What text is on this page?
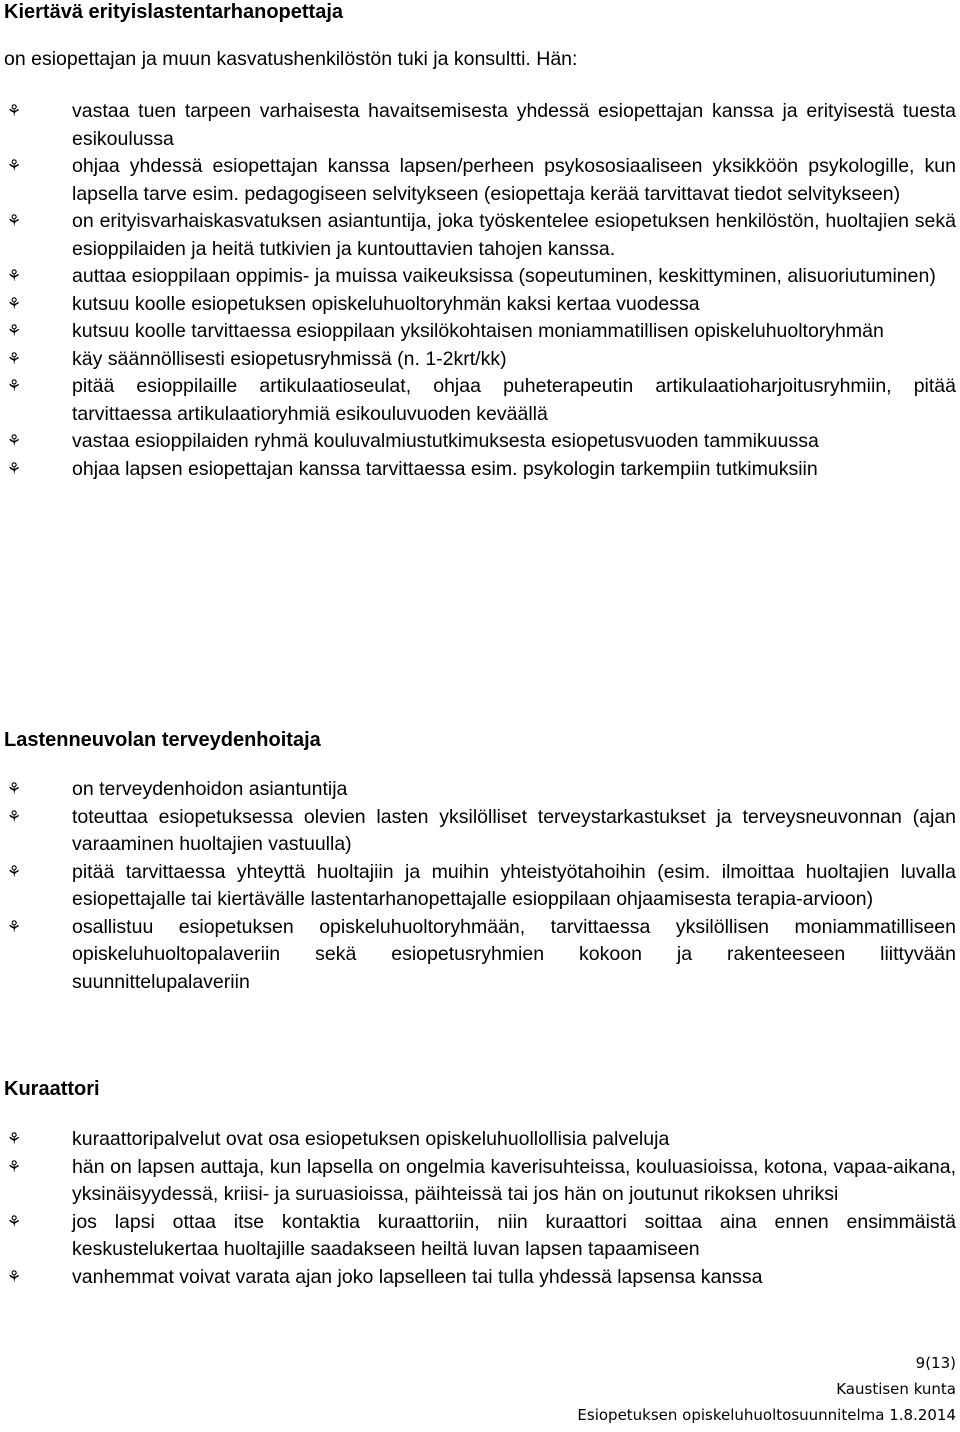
Kiertävä erityislastentarhanopettaja

on esiopettajan ja muun kasvatushenkilöstön tuki ja konsultti. Hän:

⚘	vastaa tuen tarpeen varhaisesta havaitsemisesta yhdessä esiopettajan kanssa ja erityisestä tuesta esikoulussa
⚘	ohjaa yhdessä esiopettajan kanssa lapsen/perheen psykososiaaliseen yksikköön psykologille, kun lapsella tarve esim. pedagogiseen selvitykseen (esiopettaja kerää tarvittavat tiedot selvitykseen)
⚘	on erityisvarhaiskasvatuksen asiantuntija, joka työskentelee esiopetuksen henkilöstön, huoltajien sekä esioppilaiden ja heitä tutkivien ja kuntouttavien tahojen kanssa.
⚘	auttaa esioppilaan oppimis- ja muissa vaikeuksissa (sopeutuminen, keskittyminen, alisuoriutuminen)
⚘	kutsuu koolle esiopetuksen opiskeluhuoltoryhmän kaksi kertaa vuodessa
⚘	kutsuu koolle tarvittaessa esioppilaan yksilökohtaisen moniammatillisen opiskeluhuoltoryhmän
⚘	käy säännöllisesti esiopetusryhmissä (n. 1-2krt/kk)
⚘	pitää esioppilaille artikulaatioseulat, ohjaa puheterapeutin artikulaatioharjoitusryhmiin, pitää tarvittaessa artikulaatioryhmiä esikouluvuoden keväällä
⚘	vastaa esioppilaiden ryhmä kouluvalmiustutkimuksesta esiopetusvuoden tammikuussa
⚘	ohjaa lapsen esiopettajan kanssa tarvittaessa esim. psykologin tarkempiin tutkimuksiin
Lastenneuvolan terveydenhoitaja
⚘	on terveydenhoidon asiantuntija
⚘	toteuttaa esiopetuksessa olevien lasten yksilölliset terveystarkastukset ja terveysneuvonnan (ajan varaaminen huoltajien vastuulla)
⚘	pitää tarvittaessa yhteyttä huoltajiin ja muihin yhteistyötahoihin (esim. ilmoittaa huoltajien luvalla esiopettajalle tai kiertävälle lastentarhanopettajalle esioppilaan ohjaamisesta terapia-arvioon)
⚘	osallistuu esiopetuksen opiskeluhuoltoryhmään, tarvittaessa yksilöllisen moniammatilliseen opiskeluhuoltopalaveriin sekä esiopetusryhmien kokoon ja rakenteeseen liittyvään suunnittelupalaveriin
Kuraattori
⚘	kuraattoripalvelut ovat osa esiopetuksen opiskeluhuollollisia palveluja
⚘	hän on lapsen auttaja, kun lapsella on ongelmia kaverisuhteissa, kouluasioissa, kotona, vapaa-aikana, yksinäisyydessä, kriisi- ja suruasioissa, päihteissä tai jos hän on joutunut rikoksen uhriksi
⚘	jos lapsi ottaa itse kontaktia kuraattoriin, niin kuraattori soittaa aina ennen ensimmäistä keskustelukertaa huoltajille saadakseen heiltä luvan lapsen tapaamiseen
⚘	vanhemmat voivat varata ajan joko lapselleen tai tulla yhdessä lapsensa kanssa
9(13)
Kaustisen kunta
Esiopetuksen opiskeluhuoltosuunnitelma 1.8.2014
